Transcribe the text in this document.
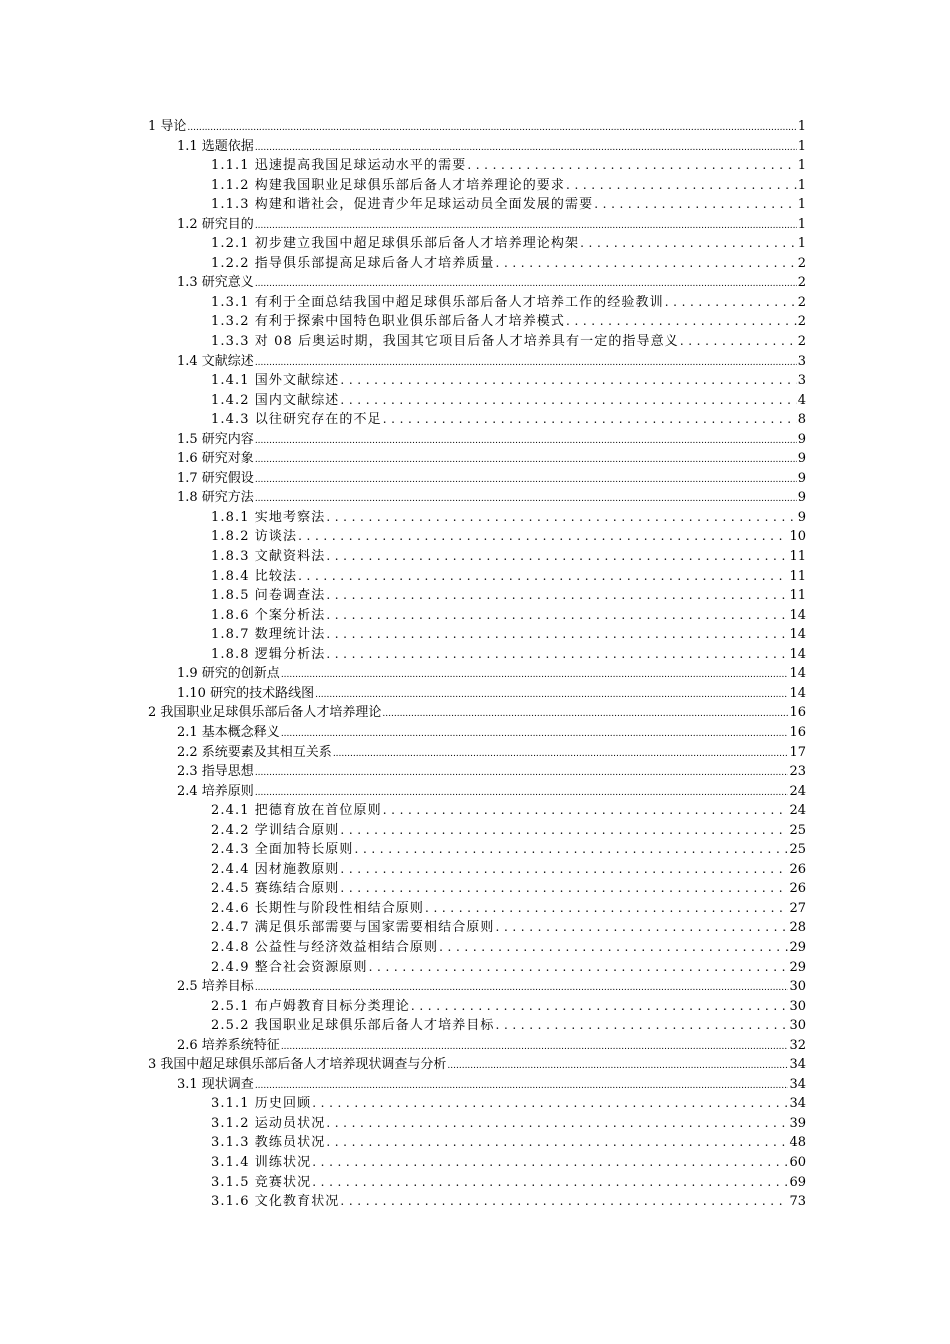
1 导论 .....	1
1.1 选题依据 .....	1
1.1.1 迅速提高我国足球运动水平的需要 . . .	1
1.1.2 构建我国职业足球俱乐部后备人才培养理论的要求 . . .	1
1.1.3 构建和谐社会，促进青少年足球运动员全面发展的需要 . . .	1
1.2 研究目的 .....	1
1.2.1 初步建立我国中超足球俱乐部后备人才培养理论构架 . . .	1
1.2.2 指导俱乐部提高足球后备人才培养质量 . . .	2
1.3 研究意义 .....	2
1.3.1 有利于全面总结我国中超足球俱乐部后备人才培养工作的经验教训 . . .	2
1.3.2 有利于探索中国特色职业俱乐部后备人才培养模式 . . .	2
1.3.3 对 08 后奥运时期，我国其它项目后备人才培养具有一定的指导意义 . . .	2
1.4 文献综述 .....	3
1.4.1 国外文献综述 . . .	3
1.4.2 国内文献综述 . . .	4
1.4.3 以往研究存在的不足 . . .	8
1.5 研究内容 .....	9
1.6 研究对象 .....	9
1.7 研究假设 .....	9
1.8 研究方法 .....	9
1.8.1 实地考察法 . . .	9
1.8.2 访谈法 . . .	10
1.8.3 文献资料法 . . .	11
1.8.4 比较法 . . .	11
1.8.5 问卷调查法 . . .	11
1.8.6 个案分析法 . . .	14
1.8.7 数理统计法 . . .	14
1.8.8 逻辑分析法 . . .	14
1.9 研究的创新点 .....	14
1.10 研究的技术路线图 .....	14
2 我国职业足球俱乐部后备人才培养理论 .....	16
2.1 基本概念释义 .....	16
2.2 系统要素及其相互关系 .....	17
2.3 指导思想 .....	23
2.4 培养原则 .....	24
2.4.1 把德育放在首位原则 . . .	24
2.4.2 学训结合原则 . . .	25
2.4.3 全面加特长原则 . . .	25
2.4.4 因材施教原则 . . .	26
2.4.5 赛练结合原则 . . .	26
2.4.6 长期性与阶段性相结合原则 . . .	27
2.4.7 满足俱乐部需要与国家需要相结合原则 . . .	28
2.4.8 公益性与经济效益相结合原则 . . .	29
2.4.9 整合社会资源原则 . . .	29
2.5 培养目标 .....	30
2.5.1 布卢姆教育目标分类理论 . . .	30
2.5.2 我国职业足球俱乐部后备人才培养目标 . . .	30
2.6 培养系统特征 .....	32
3 我国中超足球俱乐部后备人才培养现状调查与分析 .....	34
3.1 现状调查 .....	34
3.1.1 历史回顾 . . .	34
3.1.2 运动员状况 . . .	39
3.1.3 教练员状况 . . .	48
3.1.4 训练状况 . . .	60
3.1.5 竞赛状况 . . .	69
3.1.6 文化教育状况 . . .	73
